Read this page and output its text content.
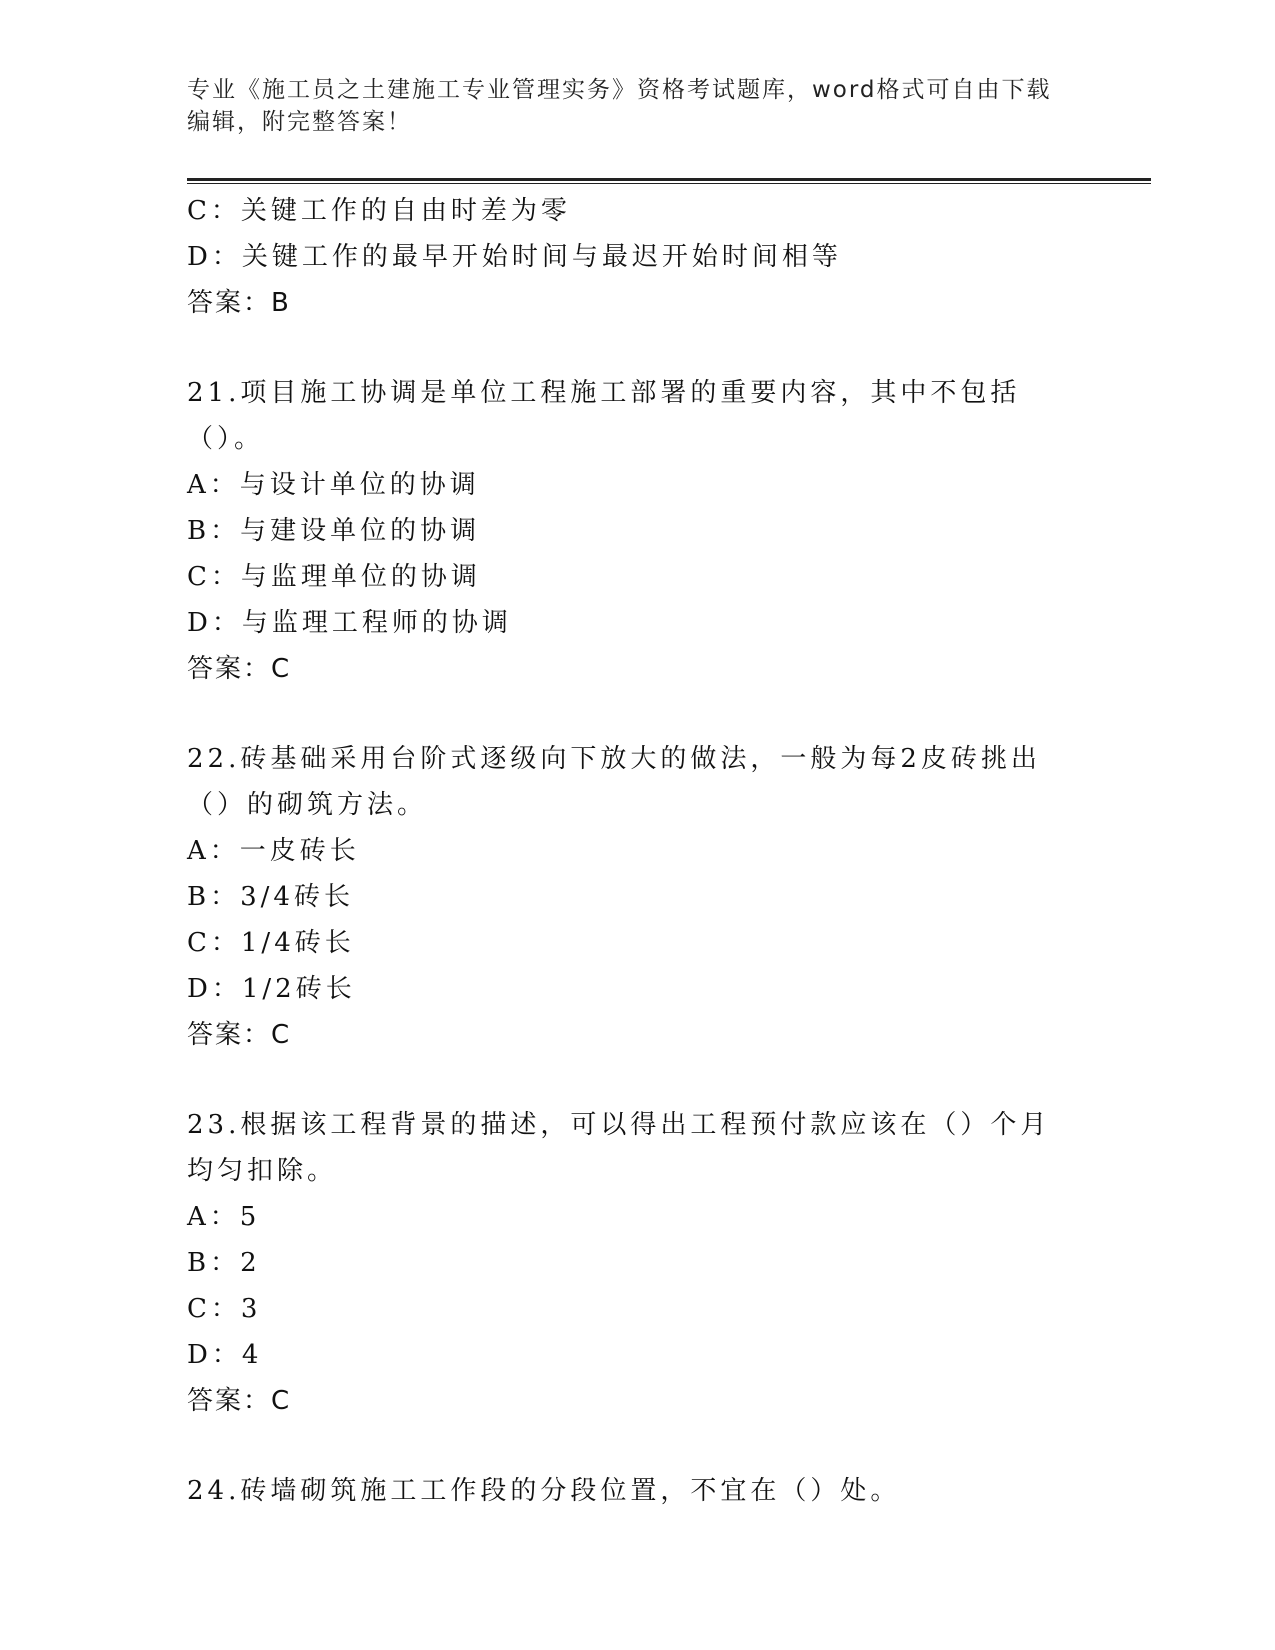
专业《施工员之土建施工专业管理实务》资格考试题库，word格式可自由下载编辑，附完整答案！
C：关键工作的自由时差为零
D：关键工作的最早开始时间与最迟开始时间相等
答案：B
21.项目施工协调是单位工程施工部署的重要内容，其中不包括（）。
A：与设计单位的协调
B：与建设单位的协调
C：与监理单位的协调
D：与监理工程师的协调
答案：C
22.砖基础采用台阶式逐级向下放大的做法，一般为每2皮砖挑出（）的砌筑方法。
A：一皮砖长
B：3/4砖长
C：1/4砖长
D：1/2砖长
答案：C
23.根据该工程背景的描述，可以得出工程预付款应该在（）个月均匀扣除。
A：5
B：2
C：3
D：4
答案：C
24.砖墙砌筑施工工作段的分段位置，不宜在（）处。
